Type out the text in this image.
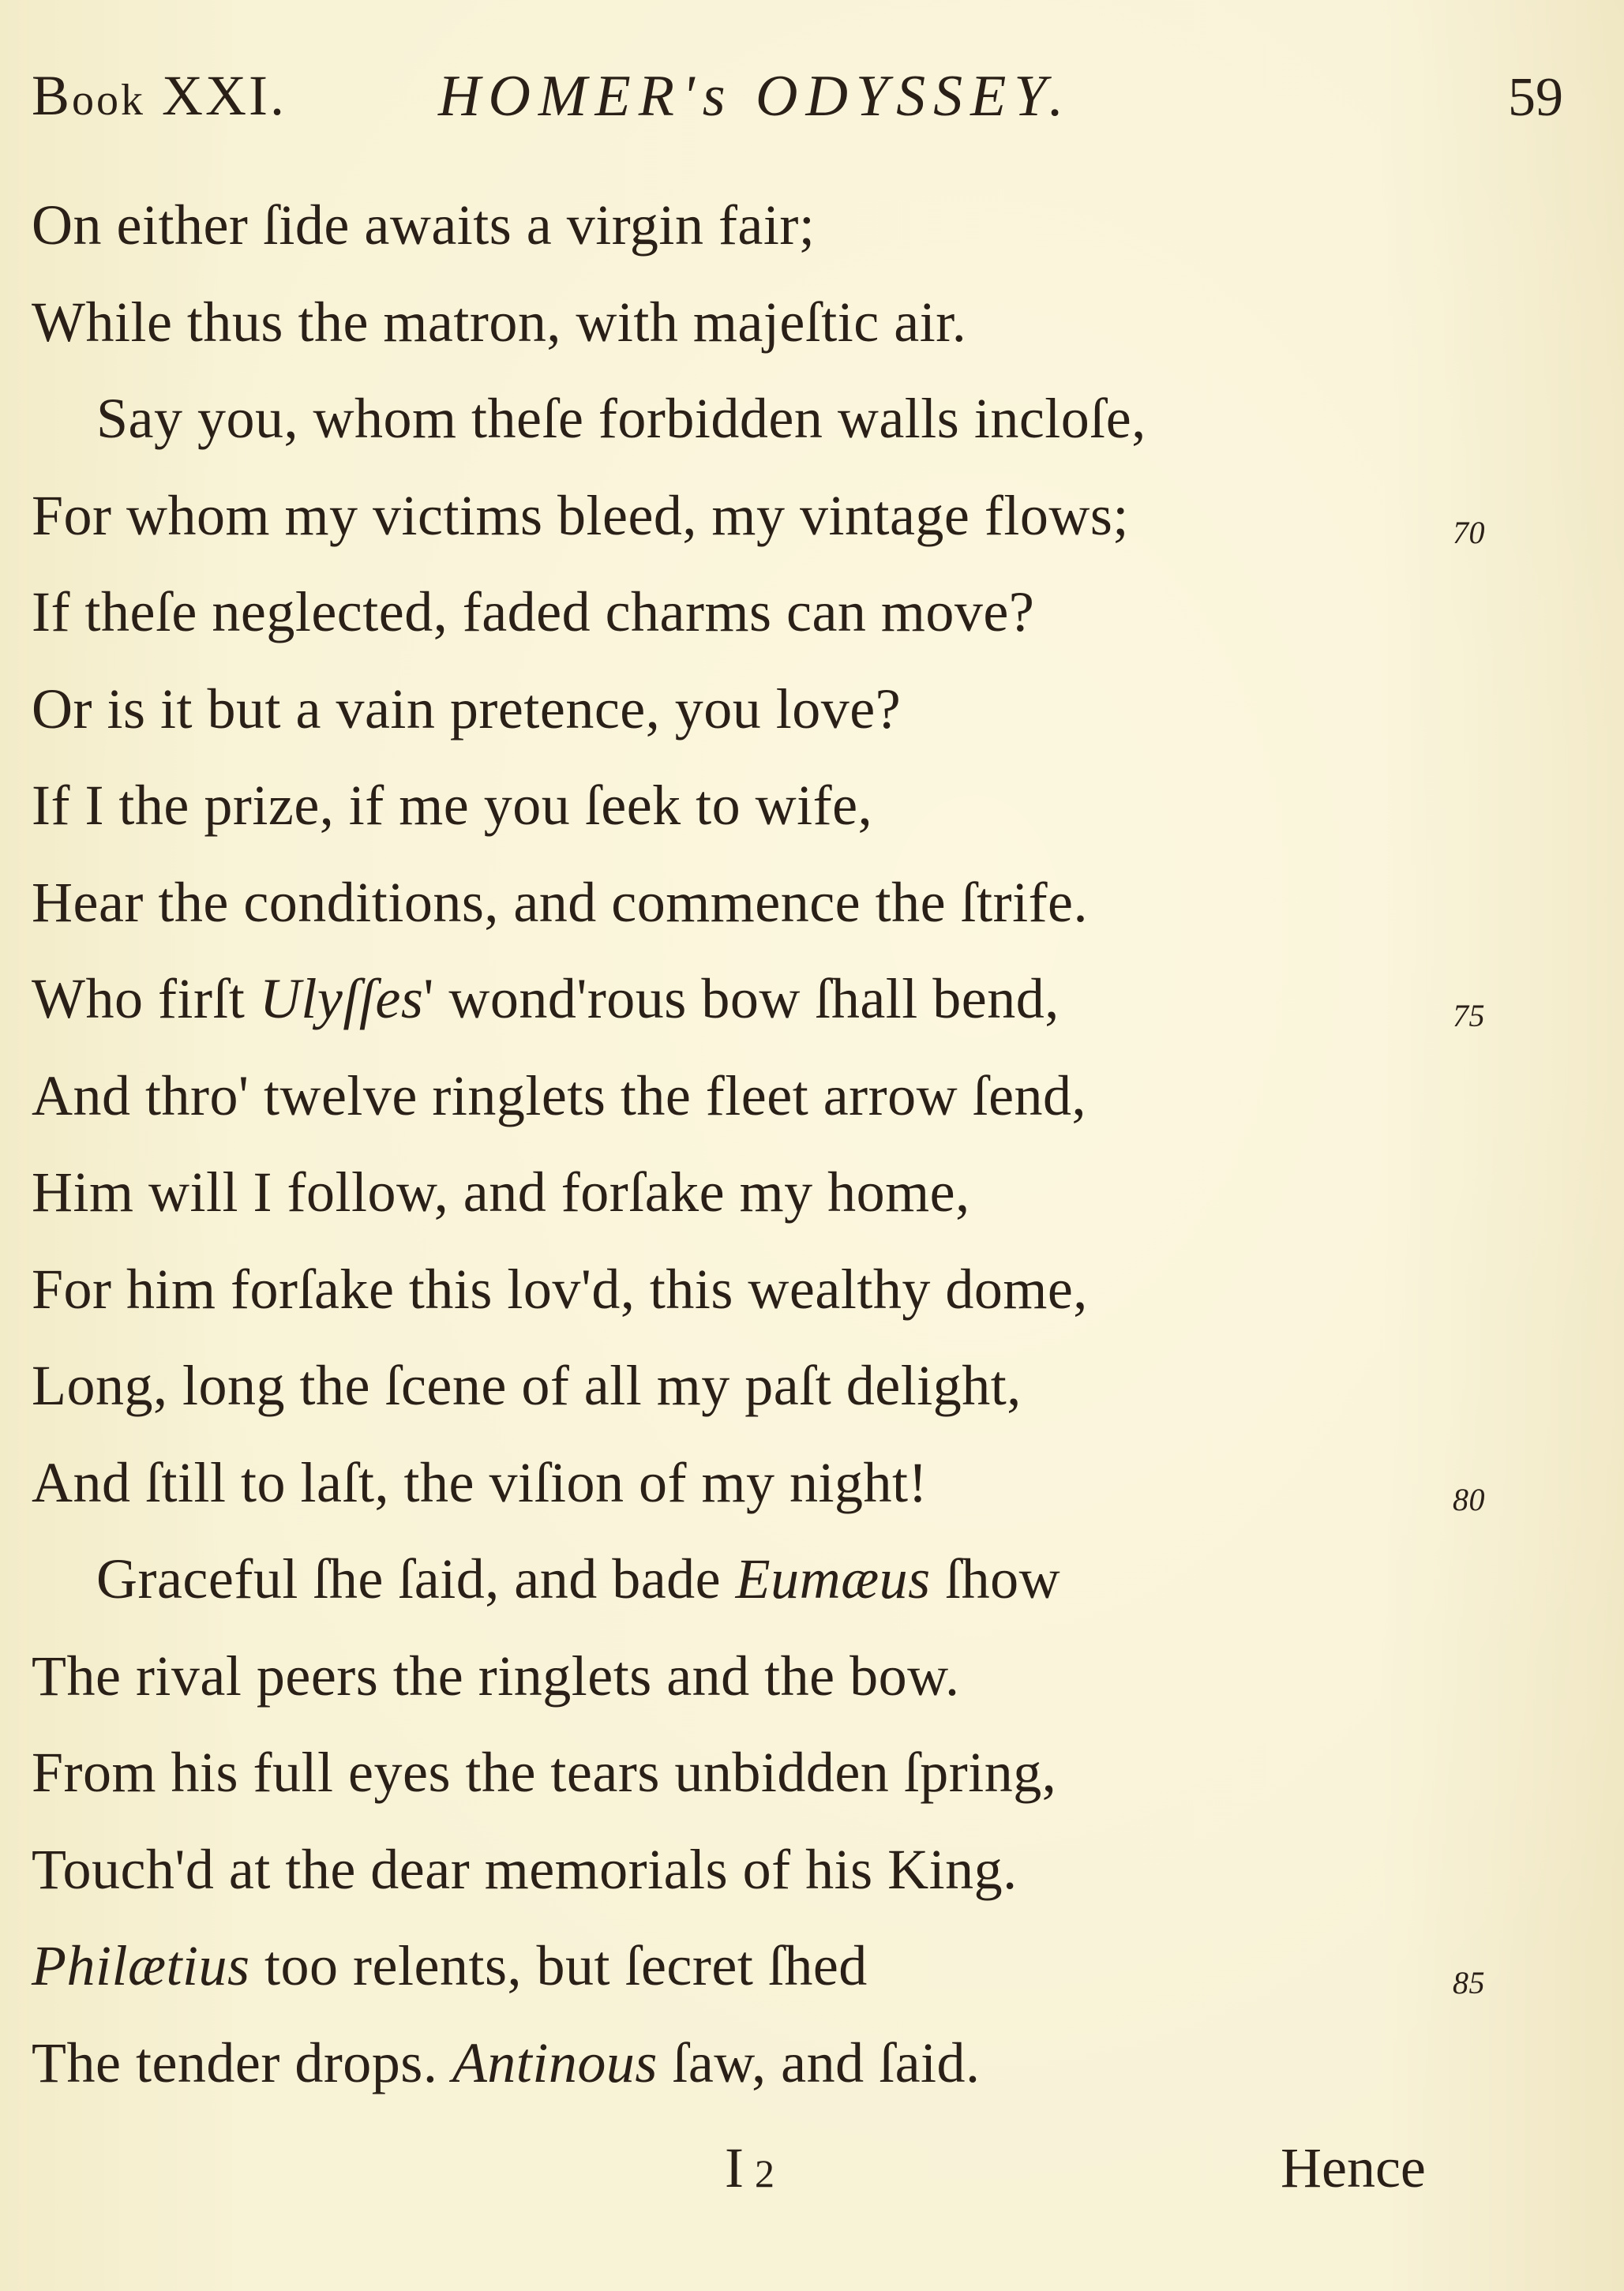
Book XXI.	HOMER's ODYSSEY.	59
On either ſide awaits a virgin fair;
While thus the matron, with majeſtic air.
Say you, whom theſe forbidden walls incloſe,
For whom my victims bleed, my vintage flows;	70
If theſe neglected, faded charms can move?
Or is it but a vain pretence, you love?
If I the prize, if me you ſeek to wife,
Hear the conditions, and commence the ſtrife.
Who firſt Ulyſſes' wond'rous bow ſhall bend,	75
And thro' twelve ringlets the fleet arrow ſend,
Him will I follow, and forſake my home,
For him forſake this lov'd, this wealthy dome,
Long, long the ſcene of all my paſt delight,
And ſtill to laſt, the viſion of my night!	80
Graceful ſhe ſaid, and bade Eumæus ſhow
The rival peers the ringlets and the bow.
From his full eyes the tears unbidden ſpring,
Touch'd at the dear memorials of his King.
Philætius too relents, but ſecret ſhed	85
The tender drops. Antinous ſaw, and ſaid.
I2	Hence
